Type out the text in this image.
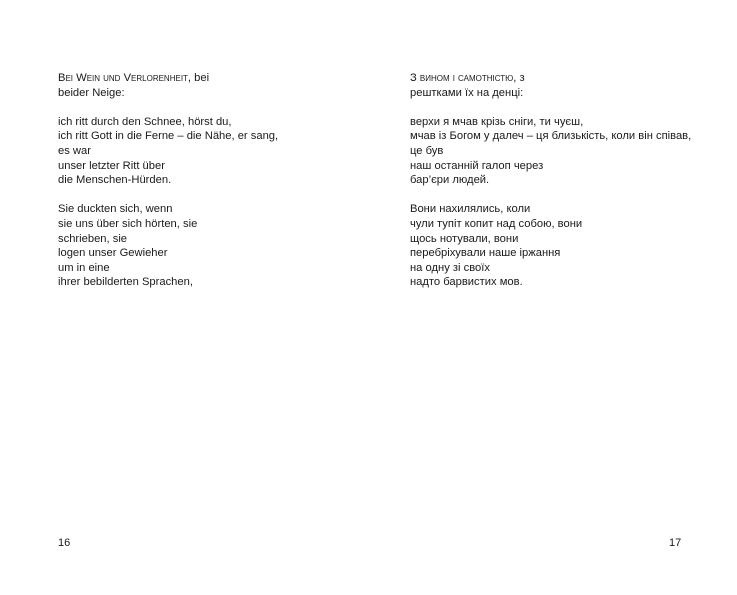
Bei Wein und Verlorenheit, bei
beider Neige:
ich ritt durch den Schnee, hörst du,
ich ritt Gott in die Ferne – die Nähe, er sang,
es war
unser letzter Ritt über
die Menschen-Hürden.
Sie duckten sich, wenn
sie uns über sich hörten, sie
schrieben, sie
logen unser Gewieher
um in eine
ihrer bebilderten Sprachen,
16
З вином і самотністю, з
рештками їх на денці:
верхи я мчав крізь сніги, ти чуєш,
мчав із Богом у далеч – ця близькість, коли він співав,
це був
наш останній галоп через
бар’єри людей.
Вони нахилялись, коли
чули тупіт копит над собою, вони
щось нотували, вони
перебріхували наше іржання
на одну зі своїх
надто барвистих мов.
17
